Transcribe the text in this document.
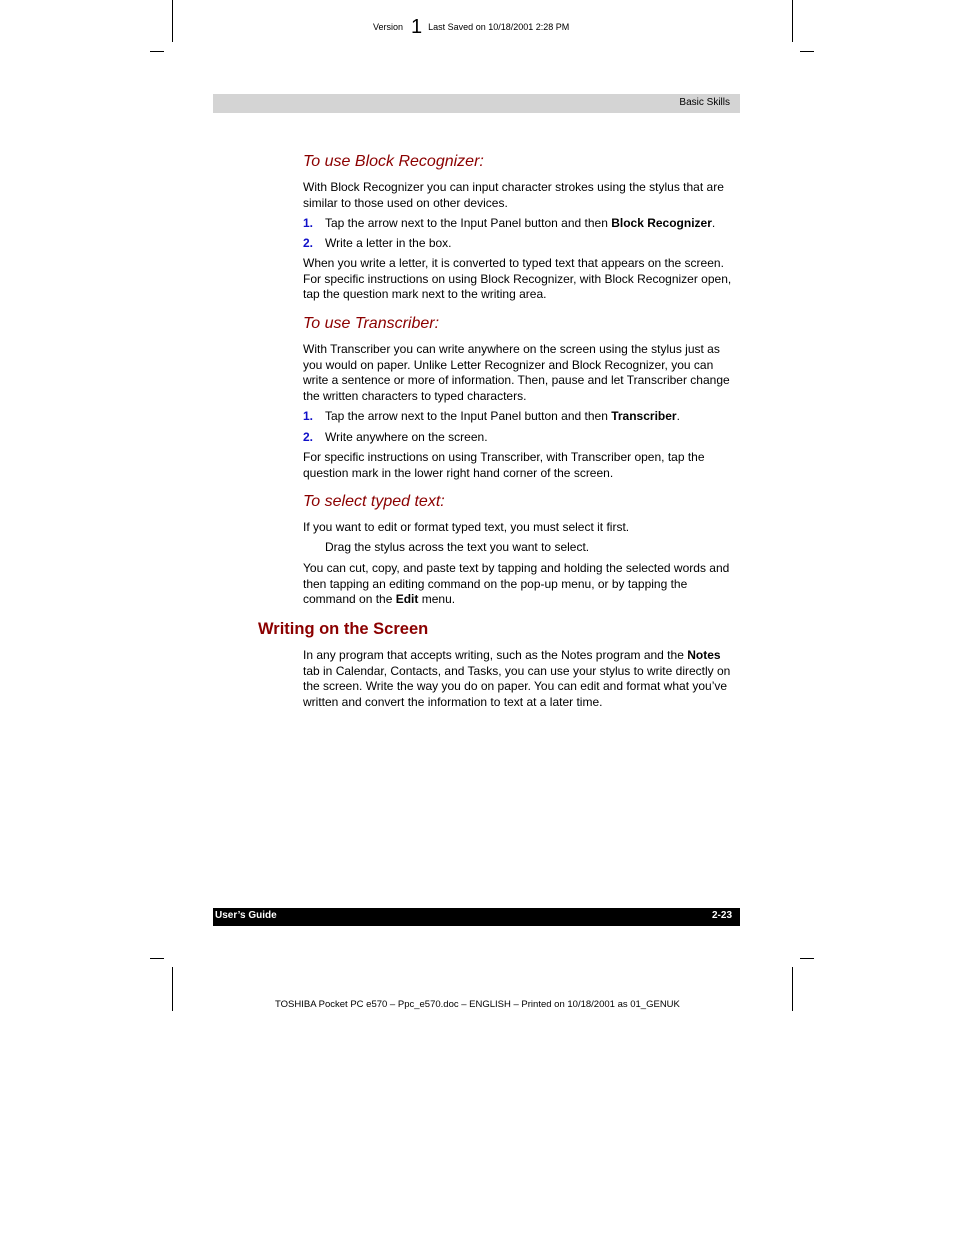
Version 1 Last Saved on 10/18/2001 2:28 PM
Basic Skills
To use Block Recognizer:
With Block Recognizer you can input character strokes using the stylus that are similar to those used on other devices.
1. Tap the arrow next to the Input Panel button and then Block Recognizer.
2. Write a letter in the box.
When you write a letter, it is converted to typed text that appears on the screen. For specific instructions on using Block Recognizer, with Block Recognizer open, tap the question mark next to the writing area.
To use Transcriber:
With Transcriber you can write anywhere on the screen using the stylus just as you would on paper. Unlike Letter Recognizer and Block Recognizer, you can write a sentence or more of information. Then, pause and let Transcriber change the written characters to typed characters.
1. Tap the arrow next to the Input Panel button and then Transcriber.
2. Write anywhere on the screen.
For specific instructions on using Transcriber, with Transcriber open, tap the question mark in the lower right hand corner of the screen.
To select typed text:
If you want to edit or format typed text, you must select it first.
Drag the stylus across the text you want to select.
You can cut, copy, and paste text by tapping and holding the selected words and then tapping an editing command on the pop-up menu, or by tapping the command on the Edit menu.
Writing on the Screen
In any program that accepts writing, such as the Notes program and the Notes tab in Calendar, Contacts, and Tasks, you can use your stylus to write directly on the screen. Write the way you do on paper. You can edit and format what you’ve written and convert the information to text at a later time.
User’s Guide	2-23
TOSHIBA Pocket PC e570 – Ppc_e570.doc – ENGLISH – Printed on 10/18/2001 as 01_GENUK
